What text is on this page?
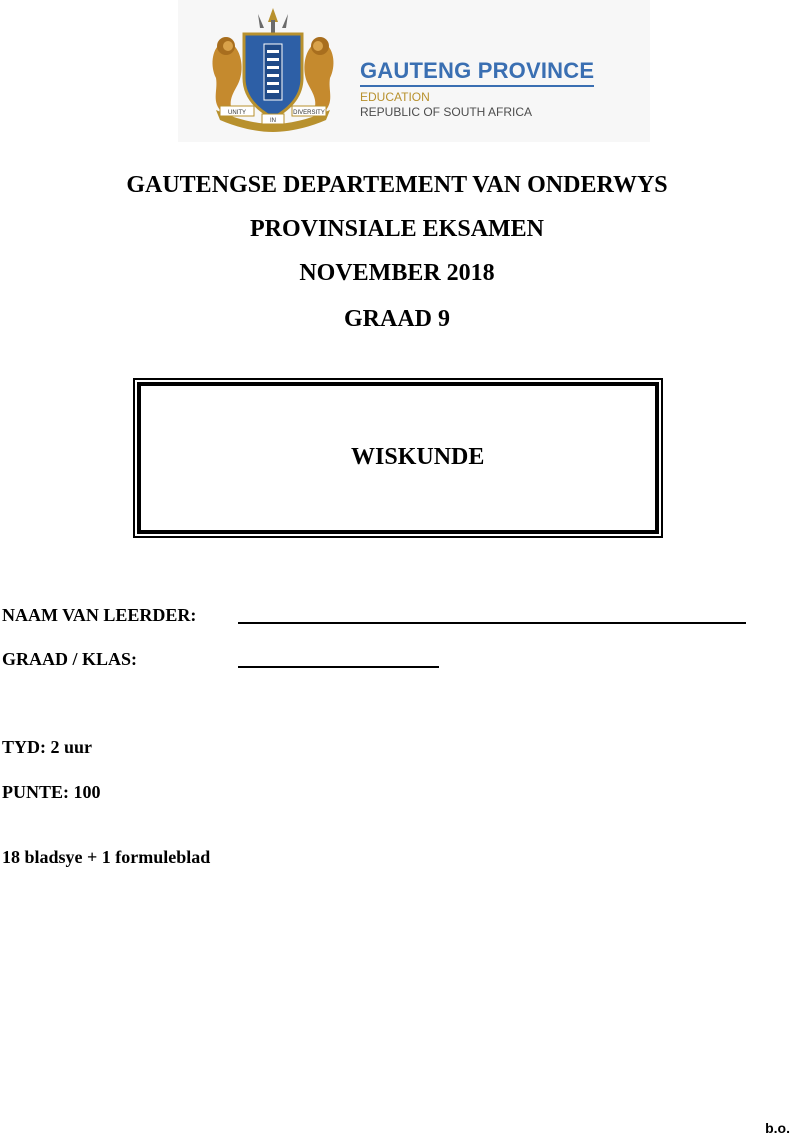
UNITY
IN
DIVERSITY
GAUTENG PROVINCE
EDUCATION
REPUBLIC OF SOUTH AFRICA
GAUTENGSE DEPARTEMENT VAN ONDERWYS
PROVINSIALE EKSAMEN
NOVEMBER 2018
GRAAD 9
WISKUNDE
NAAM VAN LEERDER:
GRAAD / KLAS:
TYD: 2 uur
PUNTE: 100
18 bladsye + 1 formuleblad
b.o.
